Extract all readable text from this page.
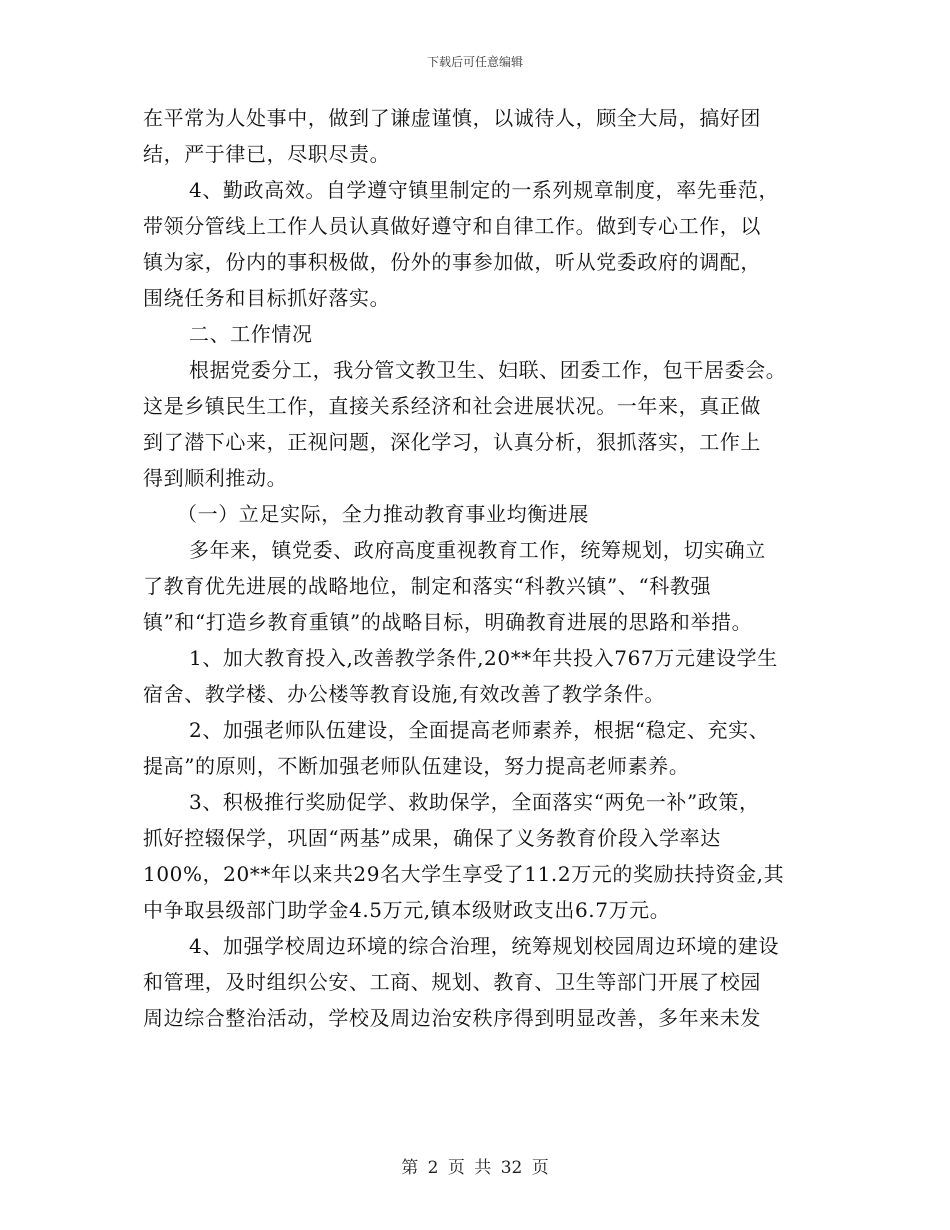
下载后可任意编辑
在平常为人处事中，做到了谦虚谨慎，以诚待人，顾全大局，搞好团
结，严于律已，尽职尽责。
4、勤政高效。自学遵守镇里制定的一系列规章制度，率先垂范，
带领分管线上工作人员认真做好遵守和自律工作。做到专心工作，以
镇为家，份内的事积极做，份外的事参加做，听从党委政府的调配，
围绕任务和目标抓好落实。
二、工作情况
根据党委分工，我分管文教卫生、妇联、团委工作，包干居委会。
这是乡镇民生工作，直接关系经济和社会进展状况。一年来，真正做
到了潜下心来，正视问题，深化学习，认真分析，狠抓落实，工作上
得到顺利推动。
（一）立足实际，全力推动教育事业均衡进展
多年来，镇党委、政府高度重视教育工作，统筹规划，切实确立
了教育优先进展的战略地位，制定和落实“科教兴镇”、“科教强
镇”和“打造乡教育重镇”的战略目标，明确教育进展的思路和举措。
1、加大教育投入,改善教学条件,20**年共投入767万元建设学生
宿舍、教学楼、办公楼等教育设施,有效改善了教学条件。
2、加强老师队伍建设，全面提高老师素养，根据“稳定、充实、
提高”的原则，不断加强老师队伍建设，努力提高老师素养。
3、积极推行奖励促学、救助保学，全面落实“两免一补”政策，
抓好控辍保学，巩固“两基”成果，确保了义务教育价段入学率达
100%，20**年以来共29名大学生享受了11.2万元的奖励扶持资金,其
中争取县级部门助学金4.5万元,镇本级财政支出6.7万元。
4、加强学校周边环境的综合治理，统筹规划校园周边环境的建设
和管理，及时组织公安、工商、规划、教育、卫生等部门开展了校园
周边综合整治活动，学校及周边治安秩序得到明显改善，多年来未发
第 2 页 共 32 页
